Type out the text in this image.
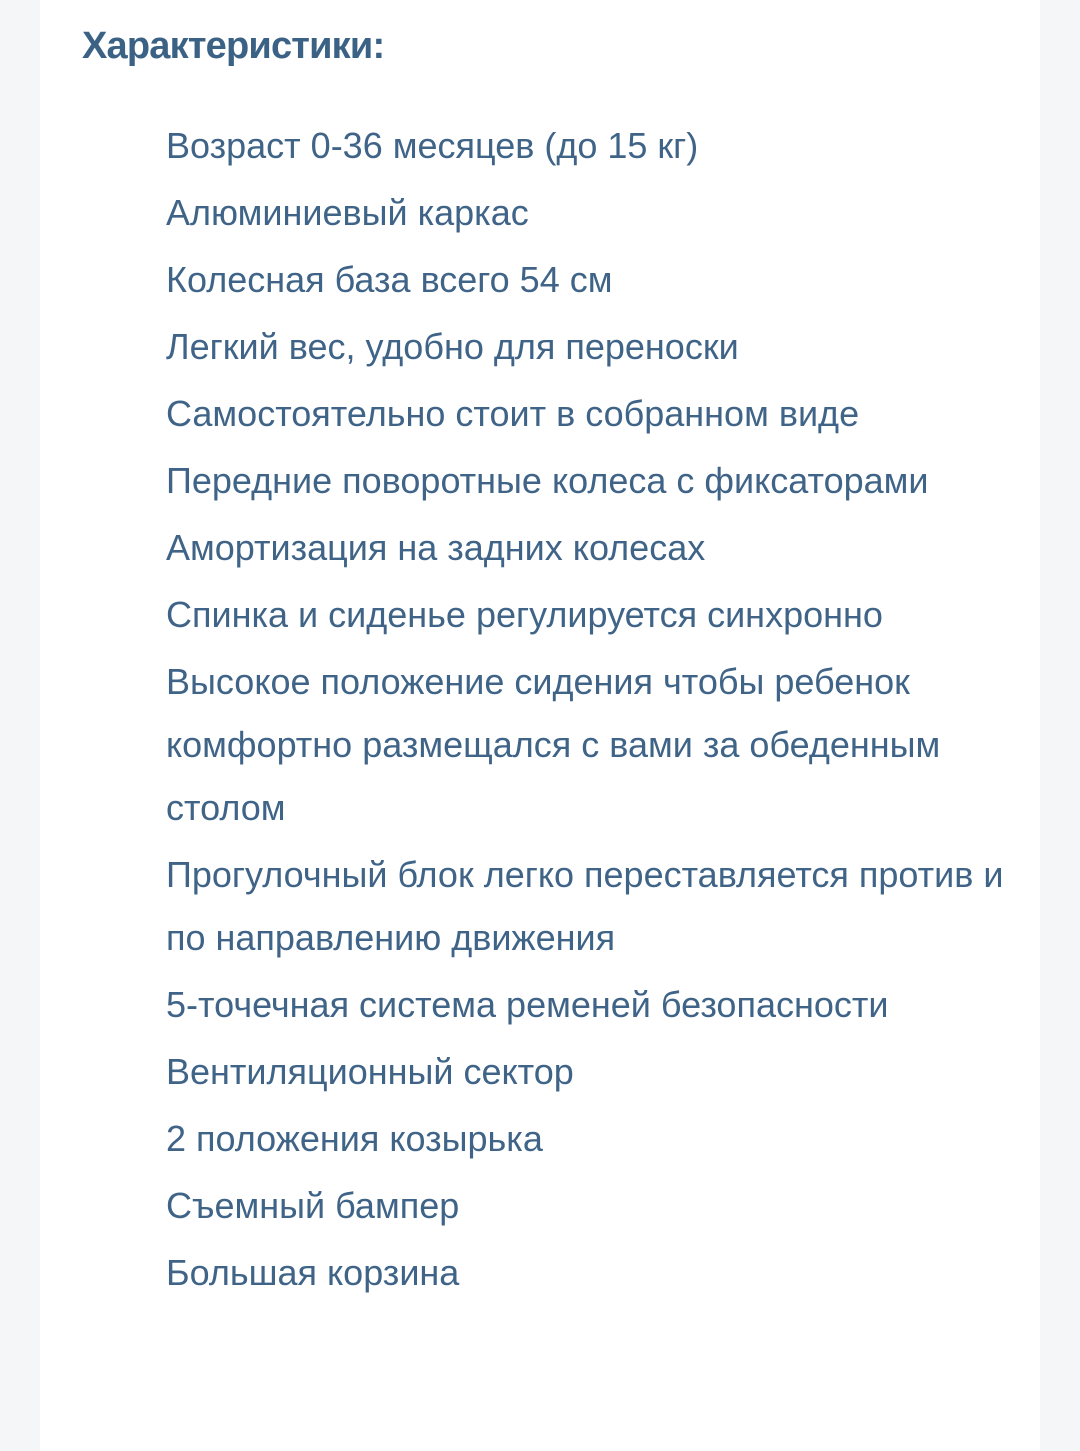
Характеристики:
Возраст 0-36 месяцев (до 15 кг)
Алюминиевый каркас
Колесная база всего 54 см
Легкий вес, удобно для переноски
Самостоятельно стоит в собранном виде
Передние поворотные колеса с фиксаторами
Амортизация на задних колесах
Спинка и сиденье регулируется синхронно
Высокое положение сидения чтобы ребенок комфортно размещался с вами за обеденным столом
Прогулочный блок легко переставляется против и по направлению движения
5-точечная система ременей безопасности
Вентиляционный сектор
2 положения козырька
Съемный бампер
Большая корзина
